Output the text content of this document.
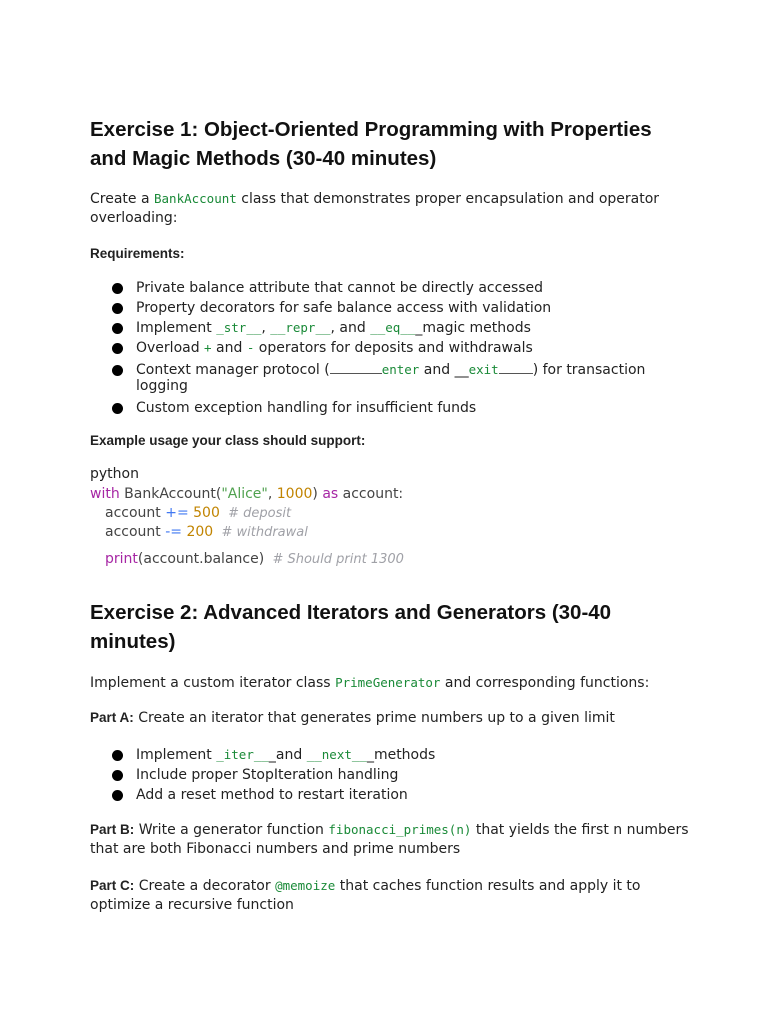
Exercise 1: Object-Oriented Programming with Properties and Magic Methods (30-40 minutes)

Create a BankAccount class that demonstrates proper encapsulation and operator overloading:

Requirements:

Private balance attribute that cannot be directly accessed
Property decorators for safe balance access with validation
Implement _str__, __repr__, and __eq___magic methods
Overload + and - operators for deposits and withdrawals
Context manager protocol (	enter and __exit ) for transaction logging
Custom exception handling for insufficient funds

Example usage your class should support:

python
with BankAccount("Alice", 1000) as account:
account += 500  # deposit
account -= 200  # withdrawal
print(account.balance)  # Should print 1300
Exercise 2: Advanced Iterators and Generators (30-40 minutes)

Implement a custom iterator class PrimeGenerator and corresponding functions:

Part A: Create an iterator that generates prime numbers up to a given limit

Implement _iter___and __next___methods
Include proper StopIteration handling
Add a reset method to restart iteration

Part B: Write a generator function fibonacci_primes(n) that yields the first n numbers that are both Fibonacci numbers and prime numbers

Part C: Create a decorator @memoize that caches function results and apply it to optimize a recursive function
